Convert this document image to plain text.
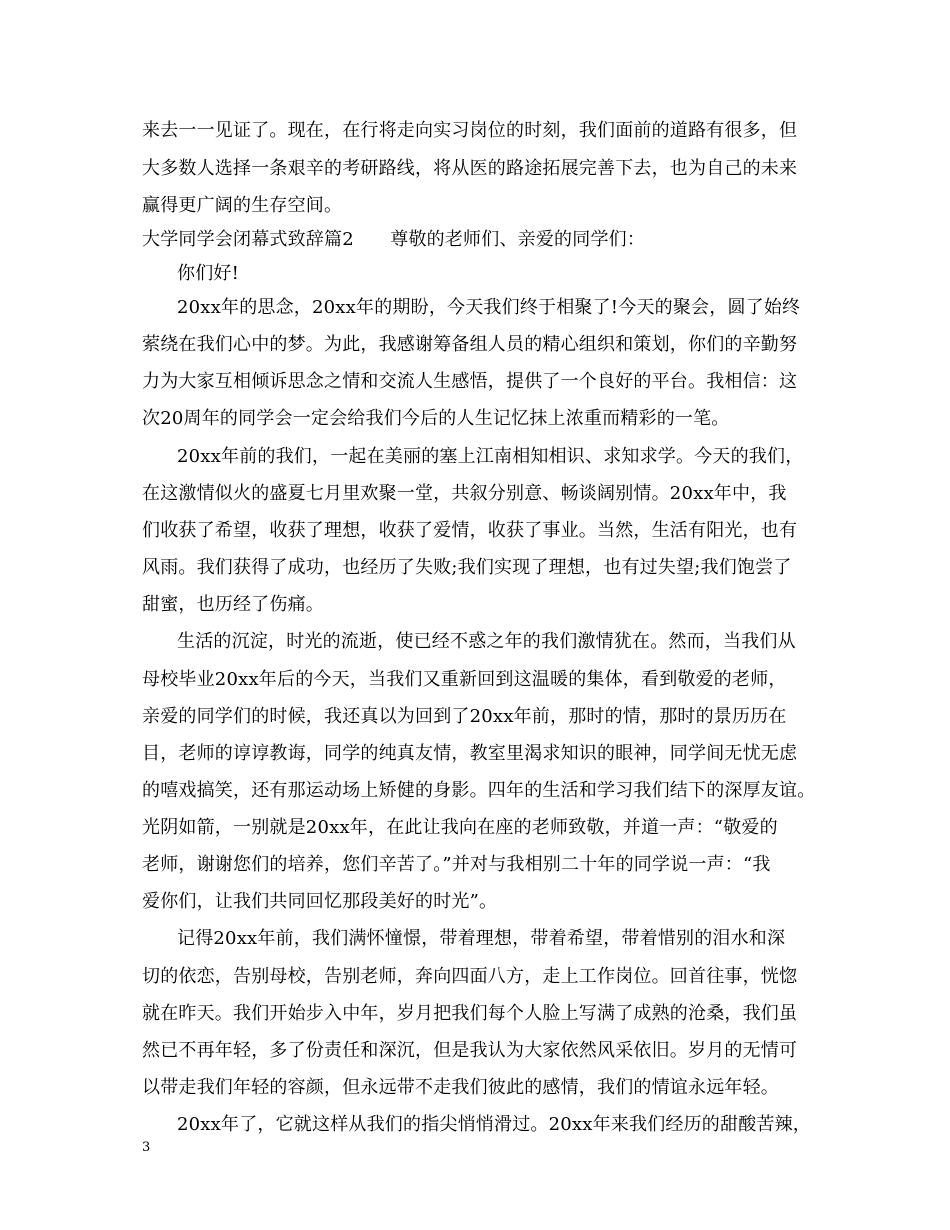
来去一一见证了。现在，在行将走向实习岗位的时刻，我们面前的道路有很多，但
大多数人选择一条艰辛的考研路线，将从医的路途拓展完善下去，也为自己的未来
赢得更广阔的生存空间。
大学同学会闭幕式致辞篇2　　尊敬的老师们、亲爱的同学们：
你们好!
20xx年的思念，20xx年的期盼，今天我们终于相聚了!今天的聚会，圆了始终
萦绕在我们心中的梦。为此，我感谢筹备组人员的精心组织和策划，你们的辛勤努
力为大家互相倾诉思念之情和交流人生感悟，提供了一个良好的平台。我相信：这
次20周年的同学会一定会给我们今后的人生记忆抹上浓重而精彩的一笔。
20xx年前的我们，一起在美丽的塞上江南相知相识、求知求学。今天的我们，
在这激情似火的盛夏七月里欢聚一堂，共叙分别意、畅谈阔别情。20xx年中，我
们收获了希望，收获了理想，收获了爱情，收获了事业。当然，生活有阳光，也有
风雨。我们获得了成功，也经历了失败;我们实现了理想，也有过失望;我们饱尝了
甜蜜，也历经了伤痛。
生活的沉淀，时光的流逝，使已经不惑之年的我们激情犹在。然而，当我们从
母校毕业20xx年后的今天，当我们又重新回到这温暖的集体，看到敬爱的老师，
亲爱的同学们的时候，我还真以为回到了20xx年前，那时的情，那时的景历历在
目，老师的谆谆教诲，同学的纯真友情，教室里渴求知识的眼神，同学间无忧无虑
的嘻戏搞笑，还有那运动场上矫健的身影。四年的生活和学习我们结下的深厚友谊。
光阴如箭，一别就是20xx年，在此让我向在座的老师致敬，并道一声：“敬爱的
老师，谢谢您们的培养，您们辛苦了。”并对与我相别二十年的同学说一声：“我
爱你们，让我们共同回忆那段美好的时光”。
记得20xx年前，我们满怀憧憬，带着理想，带着希望，带着惜别的泪水和深
切的依恋，告别母校，告别老师，奔向四面八方，走上工作岗位。回首往事，恍惚
就在昨天。我们开始步入中年，岁月把我们每个人脸上写满了成熟的沧桑，我们虽
然已不再年轻，多了份责任和深沉，但是我认为大家依然风采依旧。岁月的无情可
以带走我们年轻的容颜，但永远带不走我们彼此的感情，我们的情谊永远年轻。
20xx年了，它就这样从我们的指尖悄悄滑过。20xx年来我们经历的甜酸苦辣，
3
